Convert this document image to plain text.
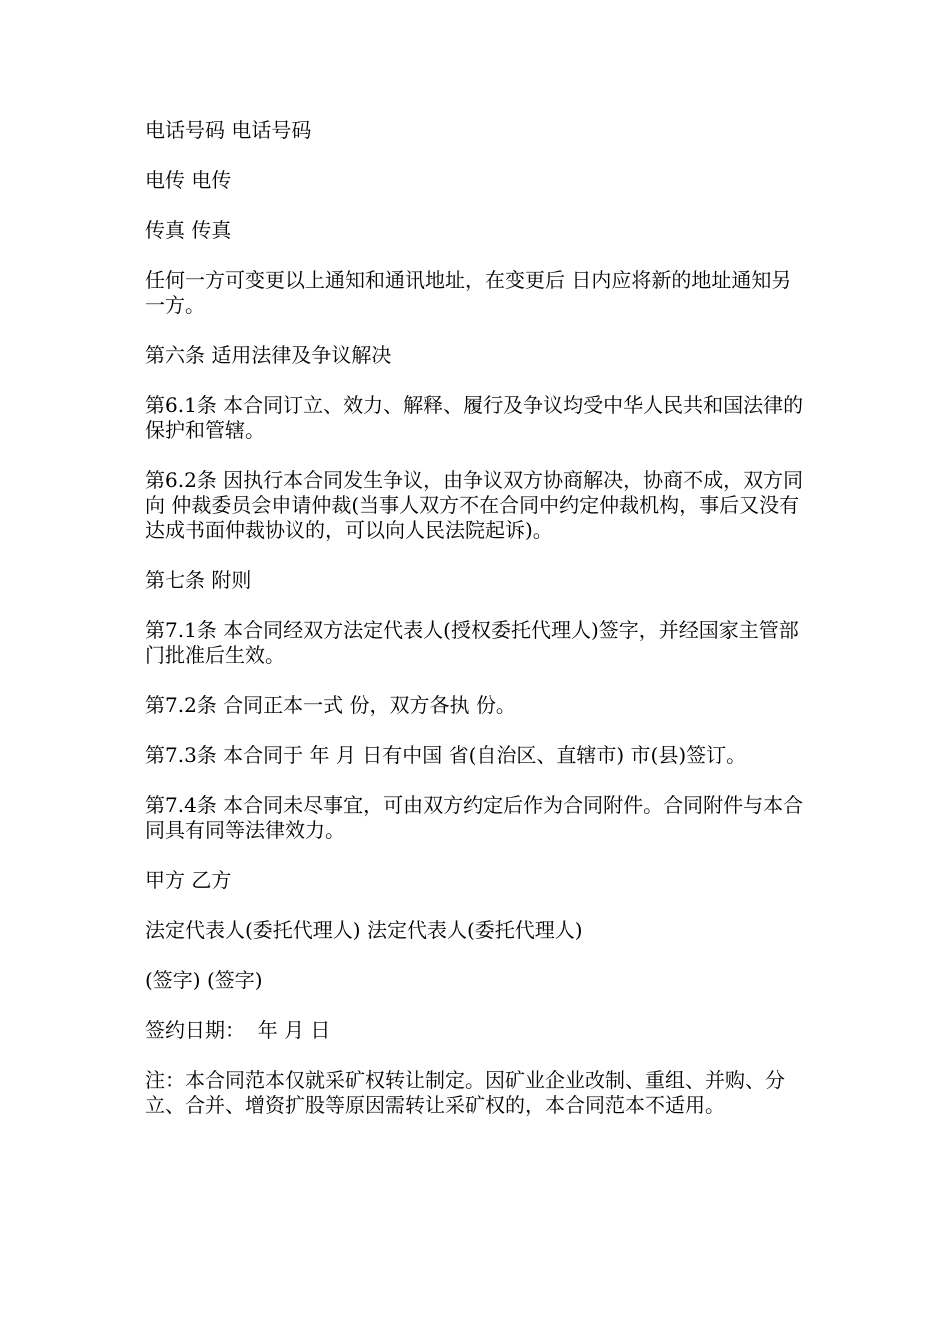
电话号码 电话号码

电传 电传

传真 传真

任何一方可变更以上通知和通讯地址，在变更后 日内应将新的地址通知另一方。

第六条 适用法律及争议解决

第6.1条 本合同订立、效力、解释、履行及争议均受中华人民共和国法律的保护和管辖。

第6.2条 因执行本合同发生争议，由争议双方协商解决，协商不成，双方同向 仲裁委员会申请仲裁(当事人双方不在合同中约定仲裁机构，事后又没有达成书面仲裁协议的，可以向人民法院起诉)。

第七条 附则

第7.1条 本合同经双方法定代表人(授权委托代理人)签字，并经国家主管部门批准后生效。

第7.2条 合同正本一式 份，双方各执 份。

第7.3条 本合同于 年 月 日有中国 省(自治区、直辖市) 市(县)签订。

第7.4条 本合同未尽事宜，可由双方约定后作为合同附件。合同附件与本合同具有同等法律效力。

甲方 乙方

法定代表人(委托代理人) 法定代表人(委托代理人)

(签字) (签字)

签约日期：  年 月 日

注：本合同范本仅就采矿权转让制定。因矿业企业改制、重组、并购、分立、合并、增资扩股等原因需转让采矿权的，本合同范本不适用。
